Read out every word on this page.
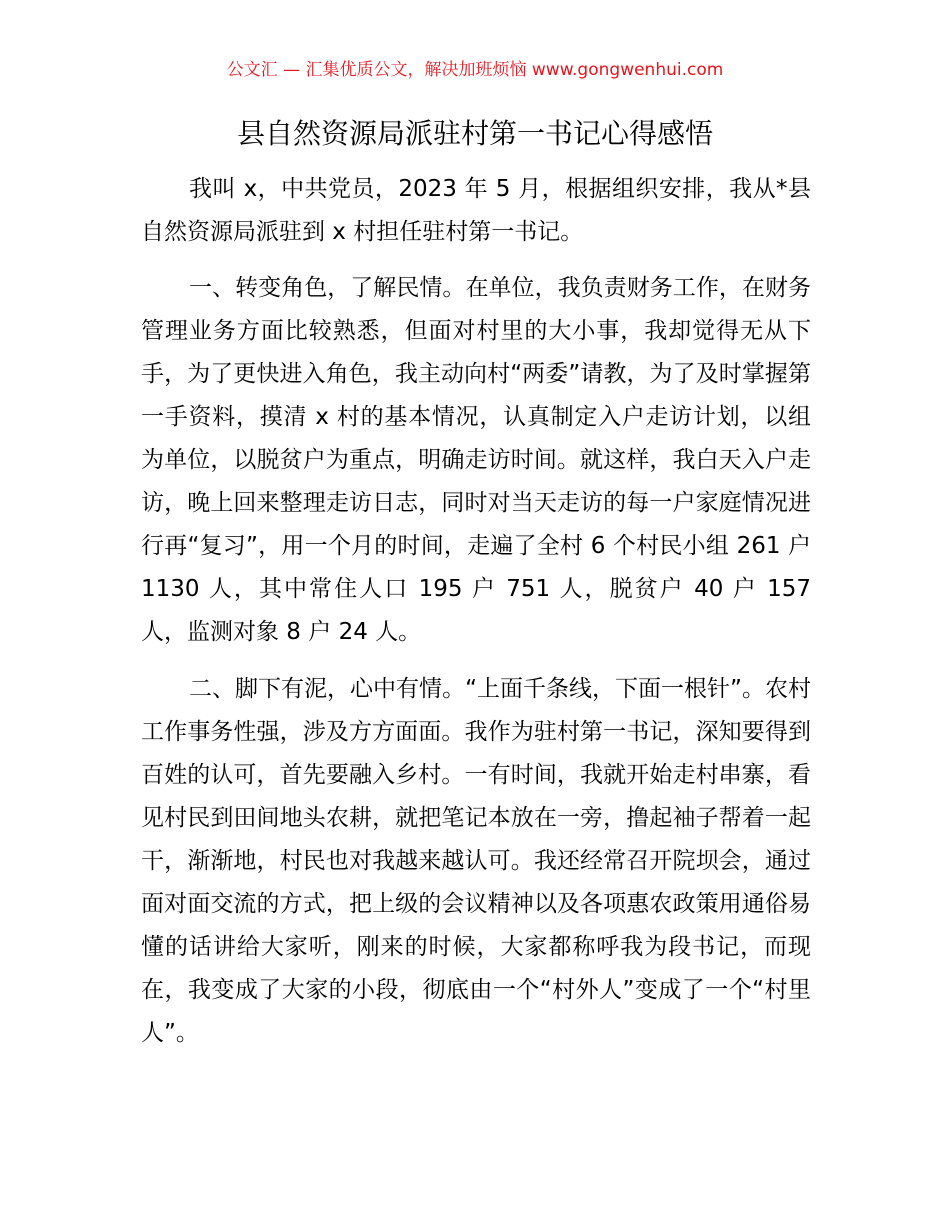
公文汇 — 汇集优质公文，解决加班烦恼 www.gongwenhui.com
县自然资源局派驻村第一书记心得感悟

我叫 x，中共党员，2023 年 5 月，根据组织安排，我从*县自然资源局派驻到 x 村担任驻村第一书记。

一、转变角色，了解民情。在单位，我负责财务工作，在财务管理业务方面比较熟悉，但面对村里的大小事，我却觉得无从下手，为了更快进入角色，我主动向村“两委”请教，为了及时掌握第一手资料，摸清 x 村的基本情况，认真制定入户走访计划，以组为单位，以脱贫户为重点，明确走访时间。就这样，我白天入户走访，晚上回来整理走访日志，同时对当天走访的每一户家庭情况进行再“复习”，用一个月的时间，走遍了全村 6 个村民小组 261 户 1130 人，其中常住人口 195 户 751 人，脱贫户 40 户 157 人，监测对象 8 户 24 人。

二、脚下有泥，心中有情。“上面千条线，下面一根针”。农村工作事务性强，涉及方方面面。我作为驻村第一书记，深知要得到百姓的认可，首先要融入乡村。一有时间，我就开始走村串寨，看见村民到田间地头农耕，就把笔记本放在一旁，撸起袖子帮着一起干，渐渐地，村民也对我越来越认可。我还经常召开院坝会，通过面对面交流的方式，把上级的会议精神以及各项惠农政策用通俗易懂的话讲给大家听，刚来的时候，大家都称呼我为段书记，而现在，我变成了大家的小段，彻底由一个“村外人”变成了一个“村里人”。
